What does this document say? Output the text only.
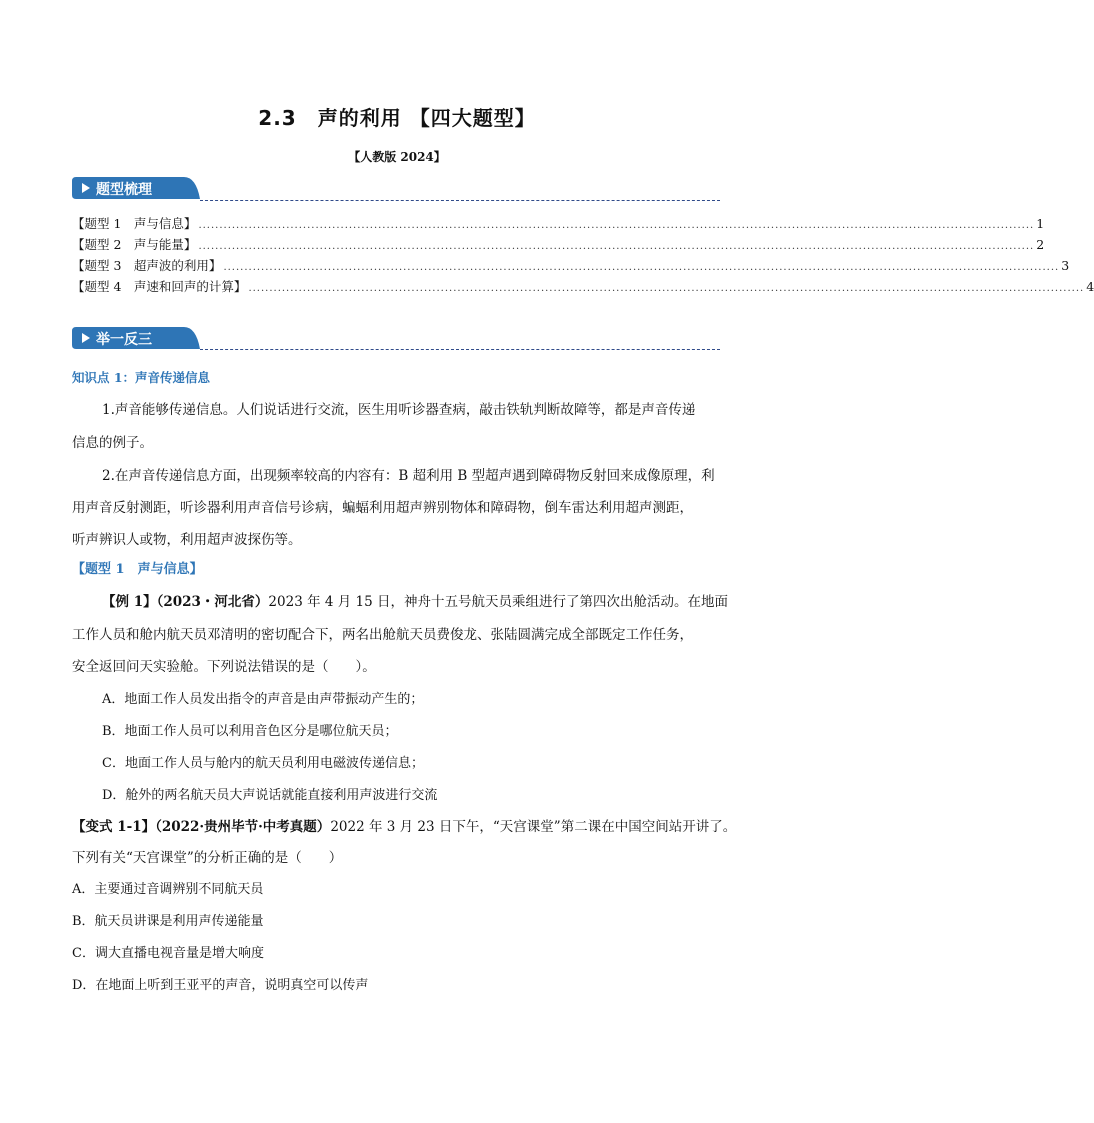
2.3　声的利用 【四大题型】
【人教版 2024】
题型梳理
【题型 1　声与信息】 ........................................................................................................................................................................................................ 1
【题型 2　声与能量】 ........................................................................................................................................................................................................ 2
【题型 3　超声波的利用】 ........................................................................................................................................................................................................ 3
【题型 4　声速和回声的计算】 ........................................................................................................................................................................................................ 4
举一反三
知识点 1：声音传递信息
1.声音能够传递信息。人们说话进行交流，医生用听诊器查病，敲击铁轨判断故障等，都是声音传递
信息的例子。
2.在声音传递信息方面，出现频率较高的内容有：B 超利用 B 型超声遇到障碍物反射回来成像原理，利
用声音反射测距，听诊器利用声音信号诊病，蝙蝠利用超声辨别物体和障碍物，倒车雷达利用超声测距，
听声辨识人或物，利用超声波探伤等。
【题型 1　声与信息】
【例 1】（2023・河北省）2023 年 4 月 15 日，神舟十五号航天员乘组进行了第四次出舱活动。在地面
工作人员和舱内航天员邓清明的密切配合下，两名出舱航天员费俊龙、张陆圆满完成全部既定工作任务，
安全返回问天实验舱。下列说法错误的是（　　）。
A．地面工作人员发出指令的声音是由声带振动产生的；
B．地面工作人员可以利用音色区分是哪位航天员；
C．地面工作人员与舱内的航天员利用电磁波传递信息；
D．舱外的两名航天员大声说话就能直接利用声波进行交流
【变式 1-1】（2022·贵州毕节·中考真题）2022 年 3 月 23 日下午，“天宫课堂”第二课在中国空间站开讲了。
下列有关“天宫课堂”的分析正确的是（　　）
A．主要通过音调辨别不同航天员
B．航天员讲课是利用声传递能量
C．调大直播电视音量是增大响度
D．在地面上听到王亚平的声音，说明真空可以传声
